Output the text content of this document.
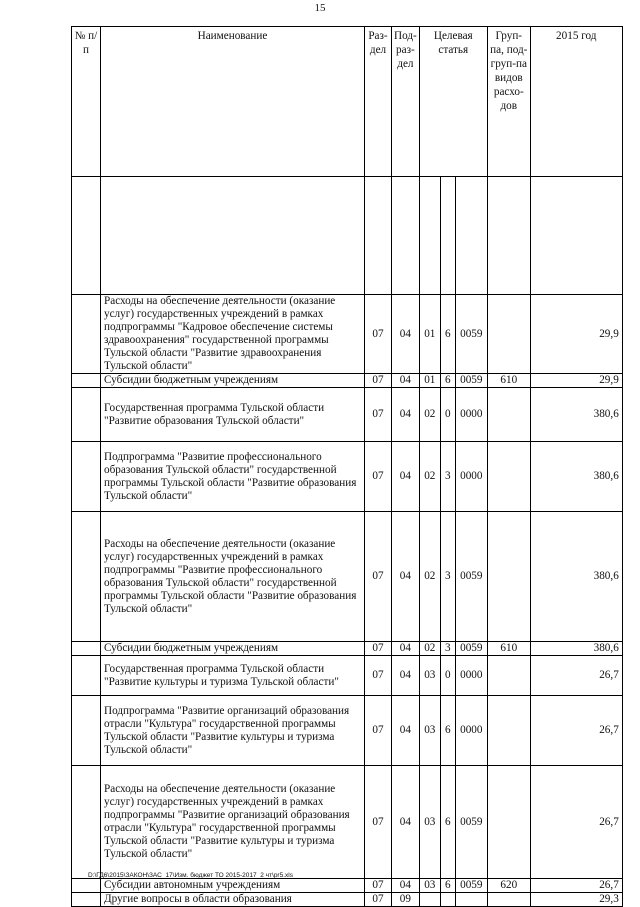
15
№ п/п	Наименование	Раз-дел	Под-раз-дел	Целевая статья			Груп-па, под-груп-па видов расхо-дов	2015 год

	Расходы на обеспечение деятельности (оказание услуг) государственных учреждений в рамках подпрограммы "Кадровое обеспечение системы здравоохранения" государственной программы Тульской области "Развитие здравоохранения Тульской области"	07	04	01	6	0059		29,9
	Субсидии бюджетным учреждениям	07	04	01	6	0059	610	29,9
	Государственная программа Тульской области "Развитие образования Тульской области"	07	04	02	0	0000		380,6
	Подпрограмма "Развитие профессионального образования Тульской области" государственной программы Тульской области "Развитие образования Тульской области"	07	04	02	3	0000		380,6
	Расходы на обеспечение деятельности (оказание услуг) государственных учреждений в рамках подпрограммы "Развитие профессионального образования Тульской области" государственной программы Тульской области "Развитие образования Тульской области"	07	04	02	3	0059		380,6
	Субсидии бюджетным учреждениям	07	04	02	3	0059	610	380,6
	Государственная программа Тульской области "Развитие культуры и туризма Тульской области"	07	04	03	0	0000		26,7
	Подпрограмма "Развитие организаций образования отрасли "Культура" государственной программы Тульской области "Развитие культуры и туризма Тульской области"	07	04	03	6	0000		26,7
	Расходы на обеспечение деятельности (оказание услуг) государственных учреждений в рамках подпрограммы "Развитие организаций образования отрасли "Культура" государственной программы Тульской области "Развитие культуры и туризма Тульской области"	07	04	03	6	0059		26,7
	Субсидии автономным учреждениям	07	04	03	6	0059	620	26,7
	Другие вопросы в области образования	07	09					29,3
D:\ГД6\2015\ЗАКОН\ЗАС_17\Изм. бюджет ТО 2015-2017_2 чт\pr5.xls
